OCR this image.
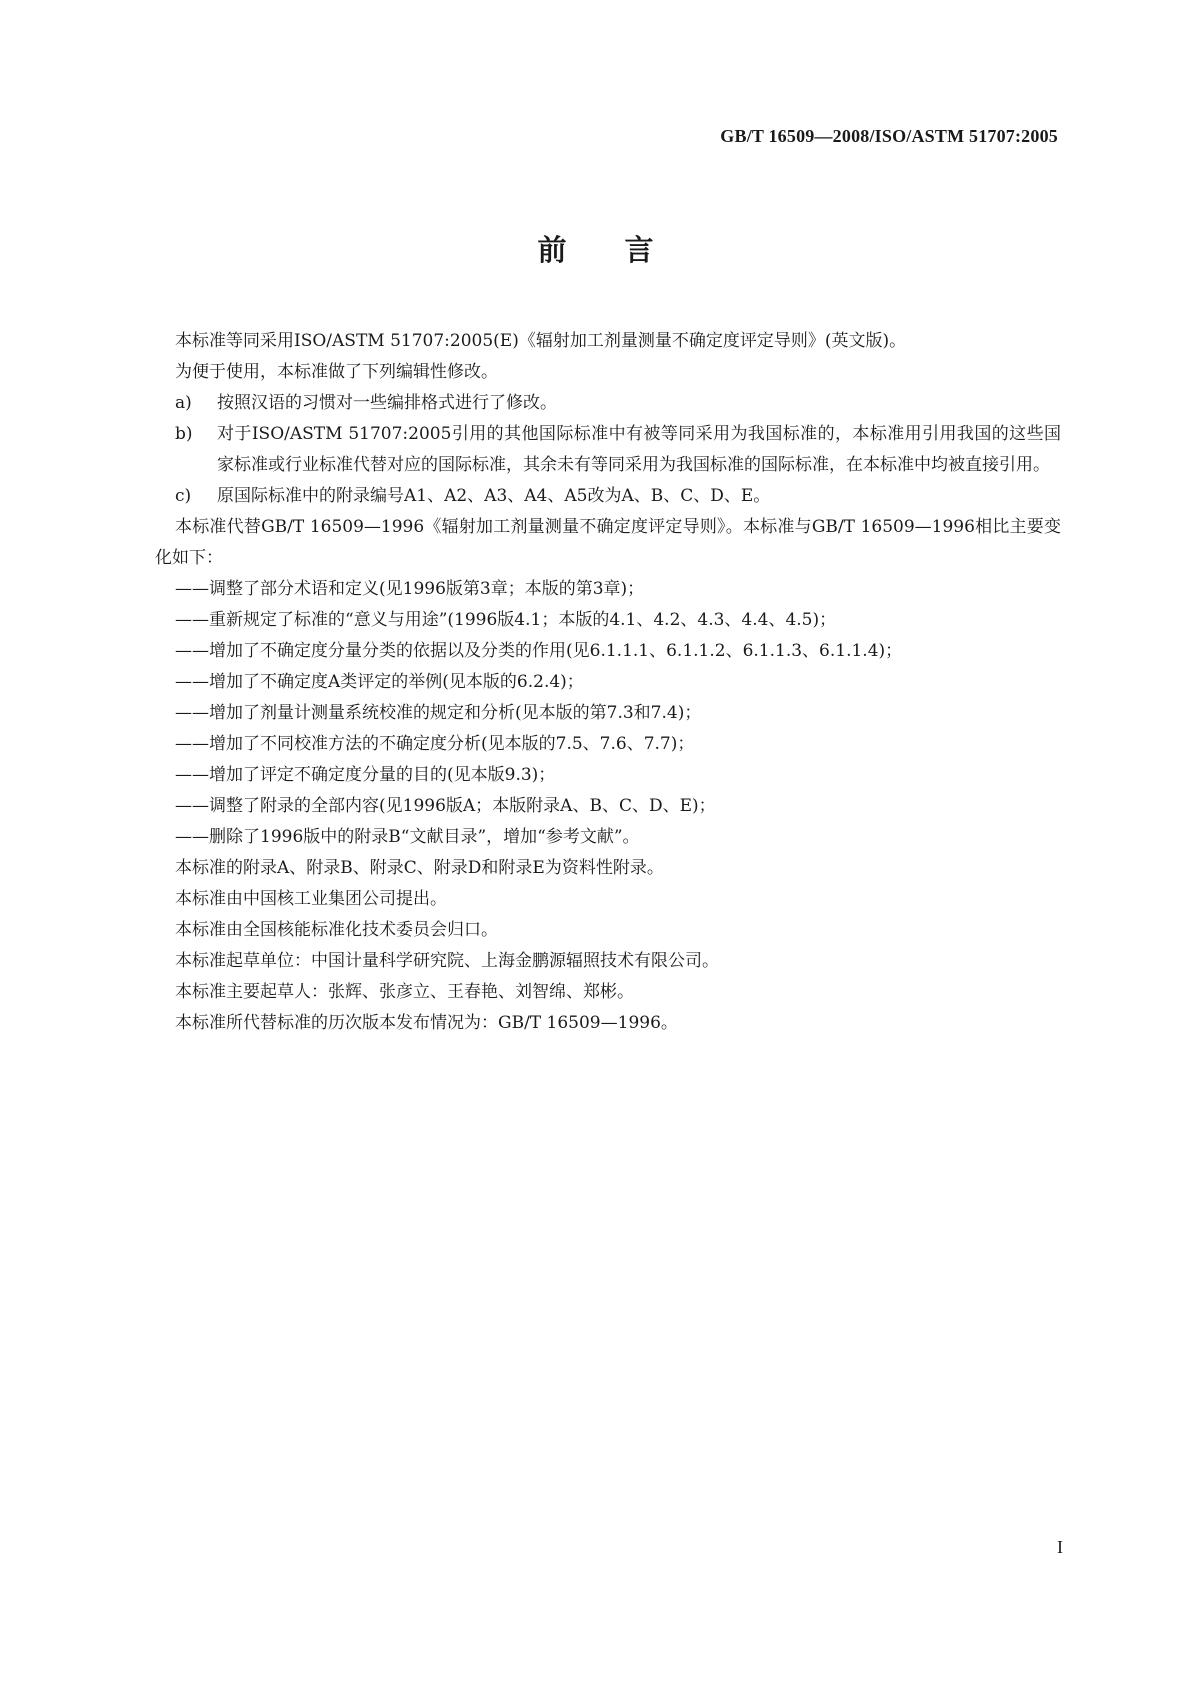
GB/T 16509—2008/ISO/ASTM 51707:2005
前言

本标准等同采用ISO/ASTM 51707:2005(E)《辐射加工剂量测量不确定度评定导则》(英文版)。

为便于使用，本标准做了下列编辑性修改。

a)	按照汉语的习惯对一些编排格式进行了修改。
b)	对于ISO/ASTM 51707:2005引用的其他国际标准中有被等同采用为我国标准的，本标准用引用我国的这些国家标准或行业标准代替对应的国际标准，其余未有等同采用为我国标准的国际标准，在本标准中均被直接引用。
c)	原国际标准中的附录编号A1、A2、A3、A4、A5改为A、B、C、D、E。

本标准代替GB/T 16509—1996《辐射加工剂量测量不确定度评定导则》。本标准与GB/T 16509—1996相比主要变化如下：

——调整了部分术语和定义(见1996版第3章；本版的第3章)；

——重新规定了标准的“意义与用途”(1996版4.1；本版的4.1、4.2、4.3、4.4、4.5)；

——增加了不确定度分量分类的依据以及分类的作用(见6.1.1.1、6.1.1.2、6.1.1.3、6.1.1.4)；

——增加了不确定度A类评定的举例(见本版的6.2.4)；

——增加了剂量计测量系统校准的规定和分析(见本版的第7.3和7.4)；

——增加了不同校准方法的不确定度分析(见本版的7.5、7.6、7.7)；

——增加了评定不确定度分量的目的(见本版9.3)；

——调整了附录的全部内容(见1996版A；本版附录A、B、C、D、E)；

——删除了1996版中的附录B“文献目录”，增加“参考文献”。

本标准的附录A、附录B、附录C、附录D和附录E为资料性附录。

本标准由中国核工业集团公司提出。

本标准由全国核能标准化技术委员会归口。

本标准起草单位：中国计量科学研究院、上海金鹏源辐照技术有限公司。

本标准主要起草人：张辉、张彦立、王春艳、刘智绵、郑彬。

本标准所代替标准的历次版本发布情况为：GB/T 16509—1996。

I
